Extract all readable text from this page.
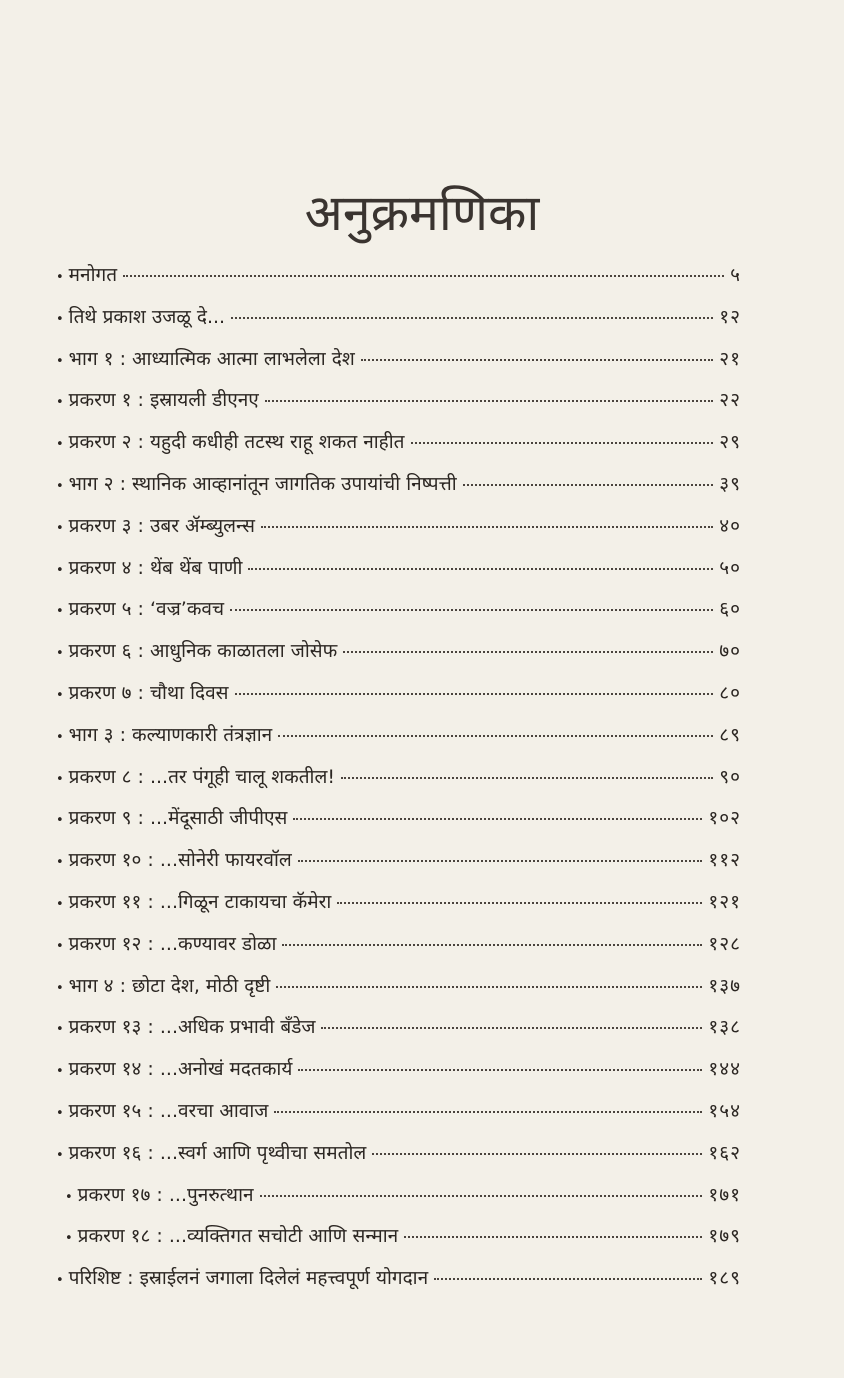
अनुक्रमणिका
• मनोगत	५
• तिथे प्रकाश उजळू दे...	१२
• भाग १ : आध्यात्मिक आत्मा लाभलेला देश	२१
• प्रकरण १ : इस्रायली डीएनए	२२
• प्रकरण २ : यहुदी कधीही तटस्थ राहू शकत नाहीत	२९
• भाग २ : स्थानिक आव्हानांतून जागतिक उपायांची निष्पत्ती	३९
• प्रकरण ३ : उबर ॲम्ब्युलन्स	४०
• प्रकरण ४ : थेंब थेंब पाणी	५०
• प्रकरण ५ : ‘वज्र’कवच	६०
• प्रकरण ६ : आधुनिक काळातला जोसेफ	७०
• प्रकरण ७ : चौथा दिवस	८०
• भाग ३ : कल्याणकारी तंत्रज्ञान	८९
• प्रकरण ८ : ...तर पंगूही चालू शकतील!	९०
• प्रकरण ९ : ...मेंदूसाठी जीपीएस	१०२
• प्रकरण १० : ...सोनेरी फायरवॉल	११२
• प्रकरण ११ : ...गिळून टाकायचा कॅमेरा	१२१
• प्रकरण १२ : ...कण्यावर डोळा	१२८
• भाग ४ : छोटा देश, मोठी दृष्टी	१३७
• प्रकरण १३ : ...अधिक प्रभावी बँडेज	१३८
• प्रकरण १४ : ...अनोखं मदतकार्य	१४४
• प्रकरण १५ : ...वरचा आवाज	१५४
• प्रकरण १६ : ...स्वर्ग आणि पृथ्वीचा समतोल	१६२
• प्रकरण १७ : ...पुनरुत्थान	१७१
• प्रकरण १८ : ...व्यक्तिगत सचोटी आणि सन्मान	१७९
• परिशिष्ट : इस्राईलनं जगाला दिलेलं महत्त्वपूर्ण योगदान	१८९
